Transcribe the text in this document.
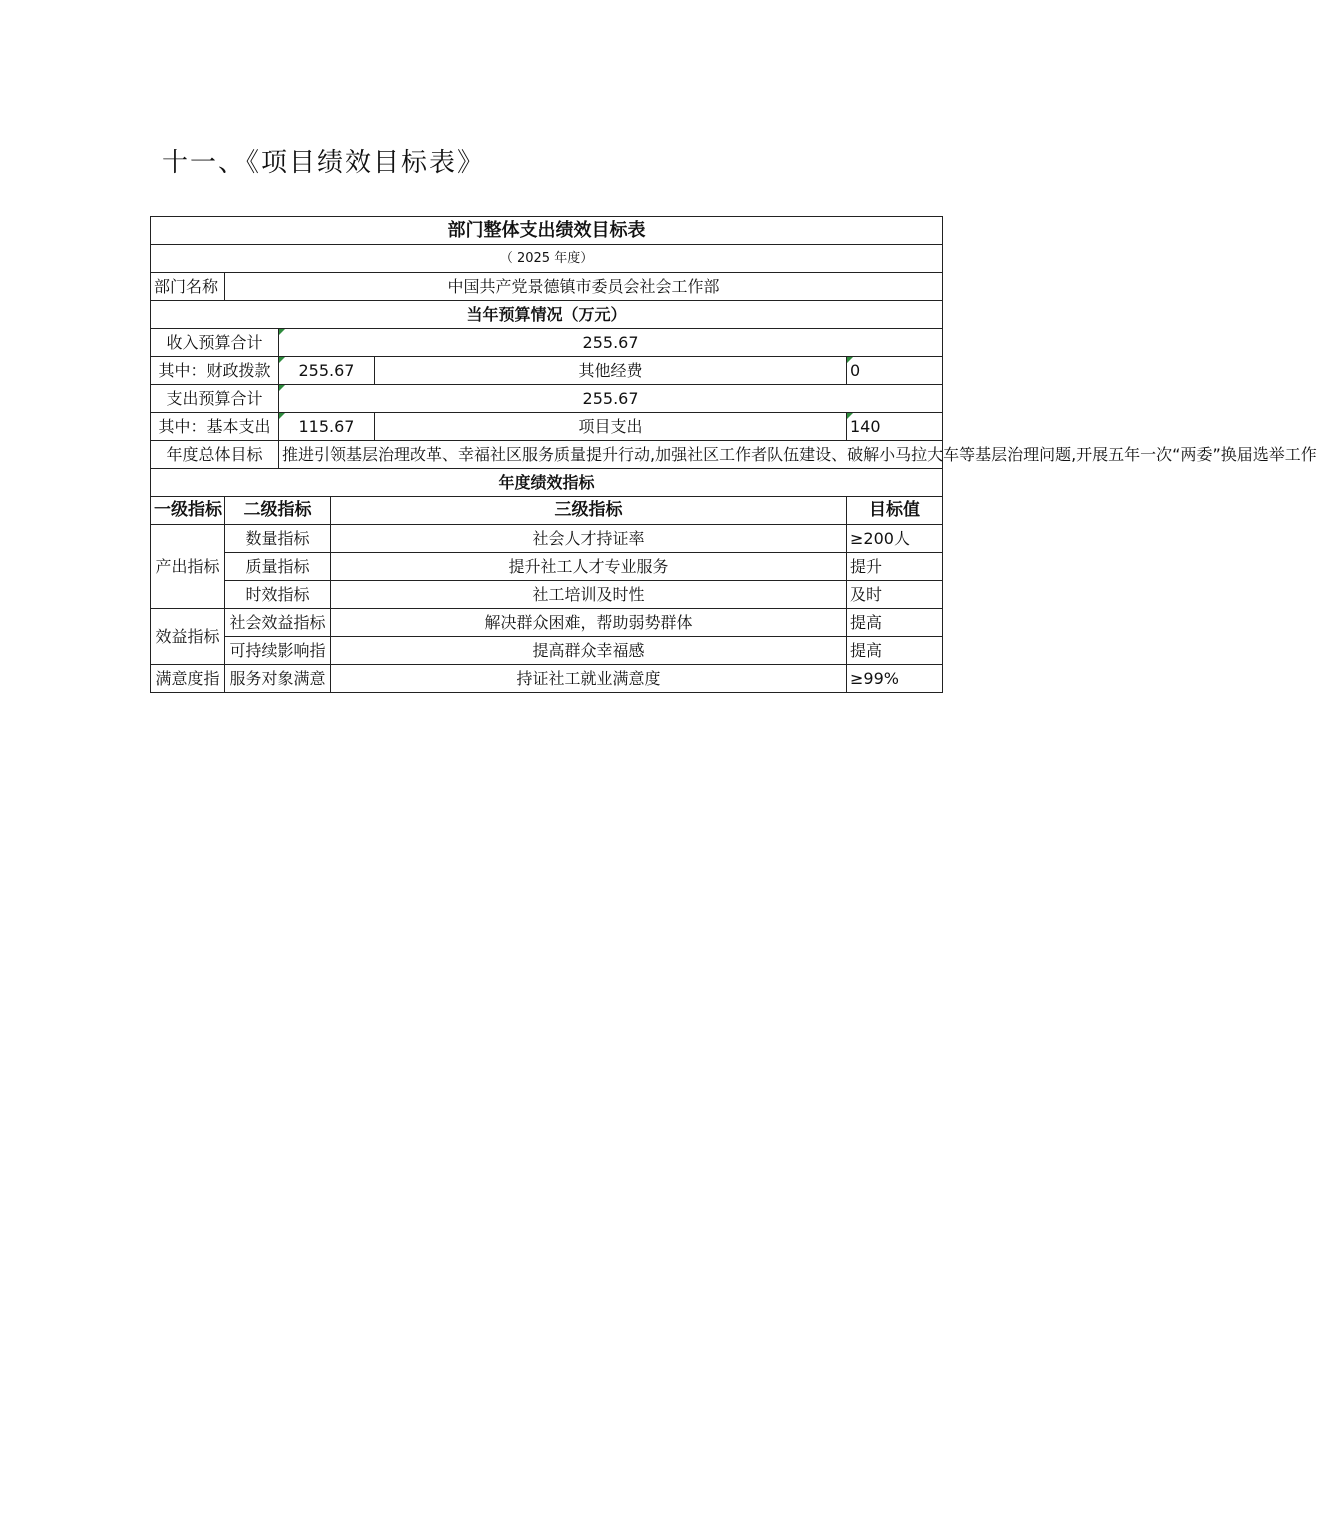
十一、《项目绩效目标表》
部门整体支出绩效目标表					
（ 2025 年度）					
部门名称	中国共产党景德镇市委员会社会工作部				
当年预算情况（万元）					
收入预算合计		255.67			
其中：财政拨款		255.67		其他经费	0
支出预算合计		255.67			
其中：基本支出		115.67		项目支出	140
年度总体目标		推进引领基层治理改革、幸福社区服务质量提升行动,加强社区工作者队伍建设、破解小马拉大车等基层治理问题,开展五年一次“两委”换届选举工作			
年度绩效指标					
一级指标	二级指标		三级指标		目标值
产出指标	数量指标		社会人才持证率		≥200人
	质量指标		提升社工人才专业服务		提升
	时效指标		社工培训及时性		及时
效益指标	社会效益指标		解决群众困难，帮助弱势群体		提高
	可持续影响指		提高群众幸福感		提高
满意度指	服务对象满意		持证社工就业满意度		≥99%
